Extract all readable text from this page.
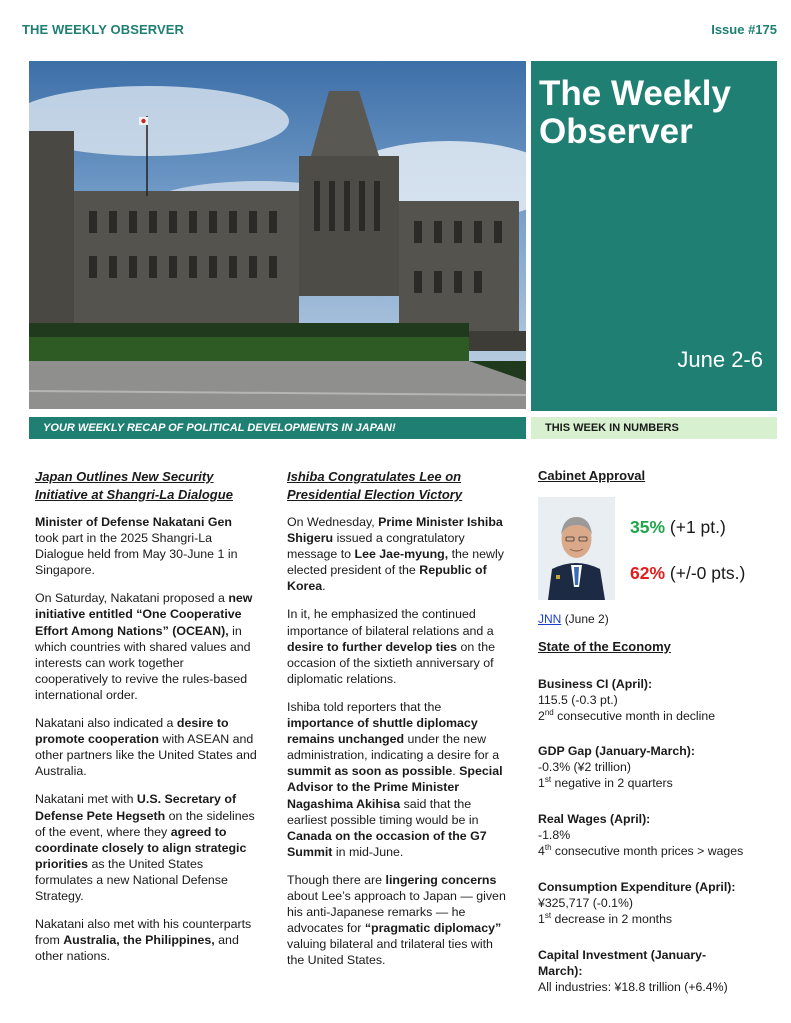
THE WEEKLY OBSERVER	Issue #175
The Weekly
Observer
June 2-6
YOUR WEEKLY RECAP OF POLITICAL DEVELOPMENTS IN JAPAN!	THIS WEEK IN NUMBERS
Japan Outlines New Security Initiative at Shangri-La Dialogue

Minister of Defense Nakatani Gen took part in the 2025 Shangri-La Dialogue held from May 30-June 1 in Singapore.

On Saturday, Nakatani proposed a new initiative entitled “One Cooperative Effort Among Nations” (OCEAN), in which countries with shared values and interests can work together cooperatively to revive the rules-based international order.

Nakatani also indicated a desire to promote cooperation with ASEAN and other partners like the United States and Australia.

Nakatani met with U.S. Secretary of Defense Pete Hegseth on the sidelines of the event, where they agreed to coordinate closely to align strategic priorities as the United States formulates a new National Defense Strategy.

Nakatani also met with his counterparts from Australia, the Philippines, and other nations.

Ishiba Congratulates Lee on Presidential Election Victory

On Wednesday, Prime Minister Ishiba Shigeru issued a congratulatory message to Lee Jae-myung, the newly elected president of the Republic of Korea.

In it, he emphasized the continued importance of bilateral relations and a desire to further develop ties on the occasion of the sixtieth anniversary of diplomatic relations.

Ishiba told reporters that the importance of shuttle diplomacy remains unchanged under the new administration, indicating a desire for a summit as soon as possible. Special Advisor to the Prime Minister Nagashima Akihisa said that the earliest possible timing would be in Canada on the occasion of the G7 Summit in mid-June.

Though there are lingering concerns about Lee’s approach to Japan — given his anti-Japanese remarks — he advocates for “pragmatic diplomacy” valuing bilateral and trilateral ties with the United States.

Cabinet Approval
35% (+1 pt.)
62% (+/-0 pts.)
JNN (June 2)
State of the Economy
Business CI (April):
115.5 (-0.3 pt.)
2nd consecutive month in decline
GDP Gap (January-March):
-0.3% (¥2 trillion)
1st negative in 2 quarters
Real Wages (April):
-1.8%
4th consecutive month prices > wages
Consumption Expenditure (April):
¥325,717 (-0.1%)
1st decrease in 2 months
Capital Investment (January-March):
All industries: ¥18.8 trillion (+6.4%)
